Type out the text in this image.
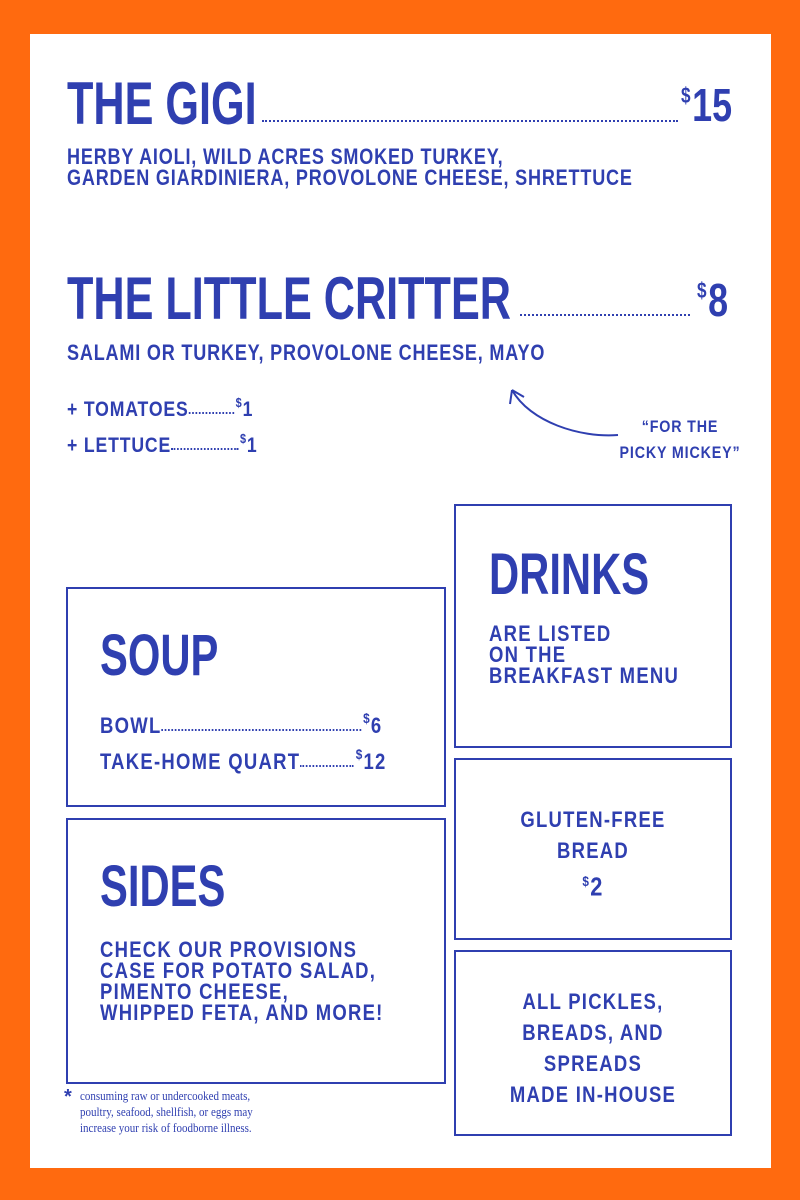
THE GIGI	$15
HERBY AIOLI, WILD ACRES SMOKED TURKEY,
GARDEN GIARDINIERA, PROVOLONE CHEESE, SHRETTUCE
THE LITTLE CRITTER	$8
SALAMI OR TURKEY, PROVOLONE CHEESE, MAYO
+ TOMATOES	$1
+ LETTUCE	$1
“FOR THE
PICKY MICKEY”
DRINKS
ARE LISTED
ON THE
BREAKFAST MENU
SOUP
BOWL	$6
TAKE-HOME QUART	$12
GLUTEN-FREE
BREAD
$2
SIDES
CHECK OUR PROVISIONS
CASE FOR POTATO SALAD,
PIMENTO CHEESE,
WHIPPED FETA, AND MORE!	ALL PICKLES,
BREADS, AND
SPREADS
MADE IN-HOUSE
* consuming raw or undercooked meats,
poultry, seafood, shellfish, or eggs may
increase your risk of foodborne illness.
